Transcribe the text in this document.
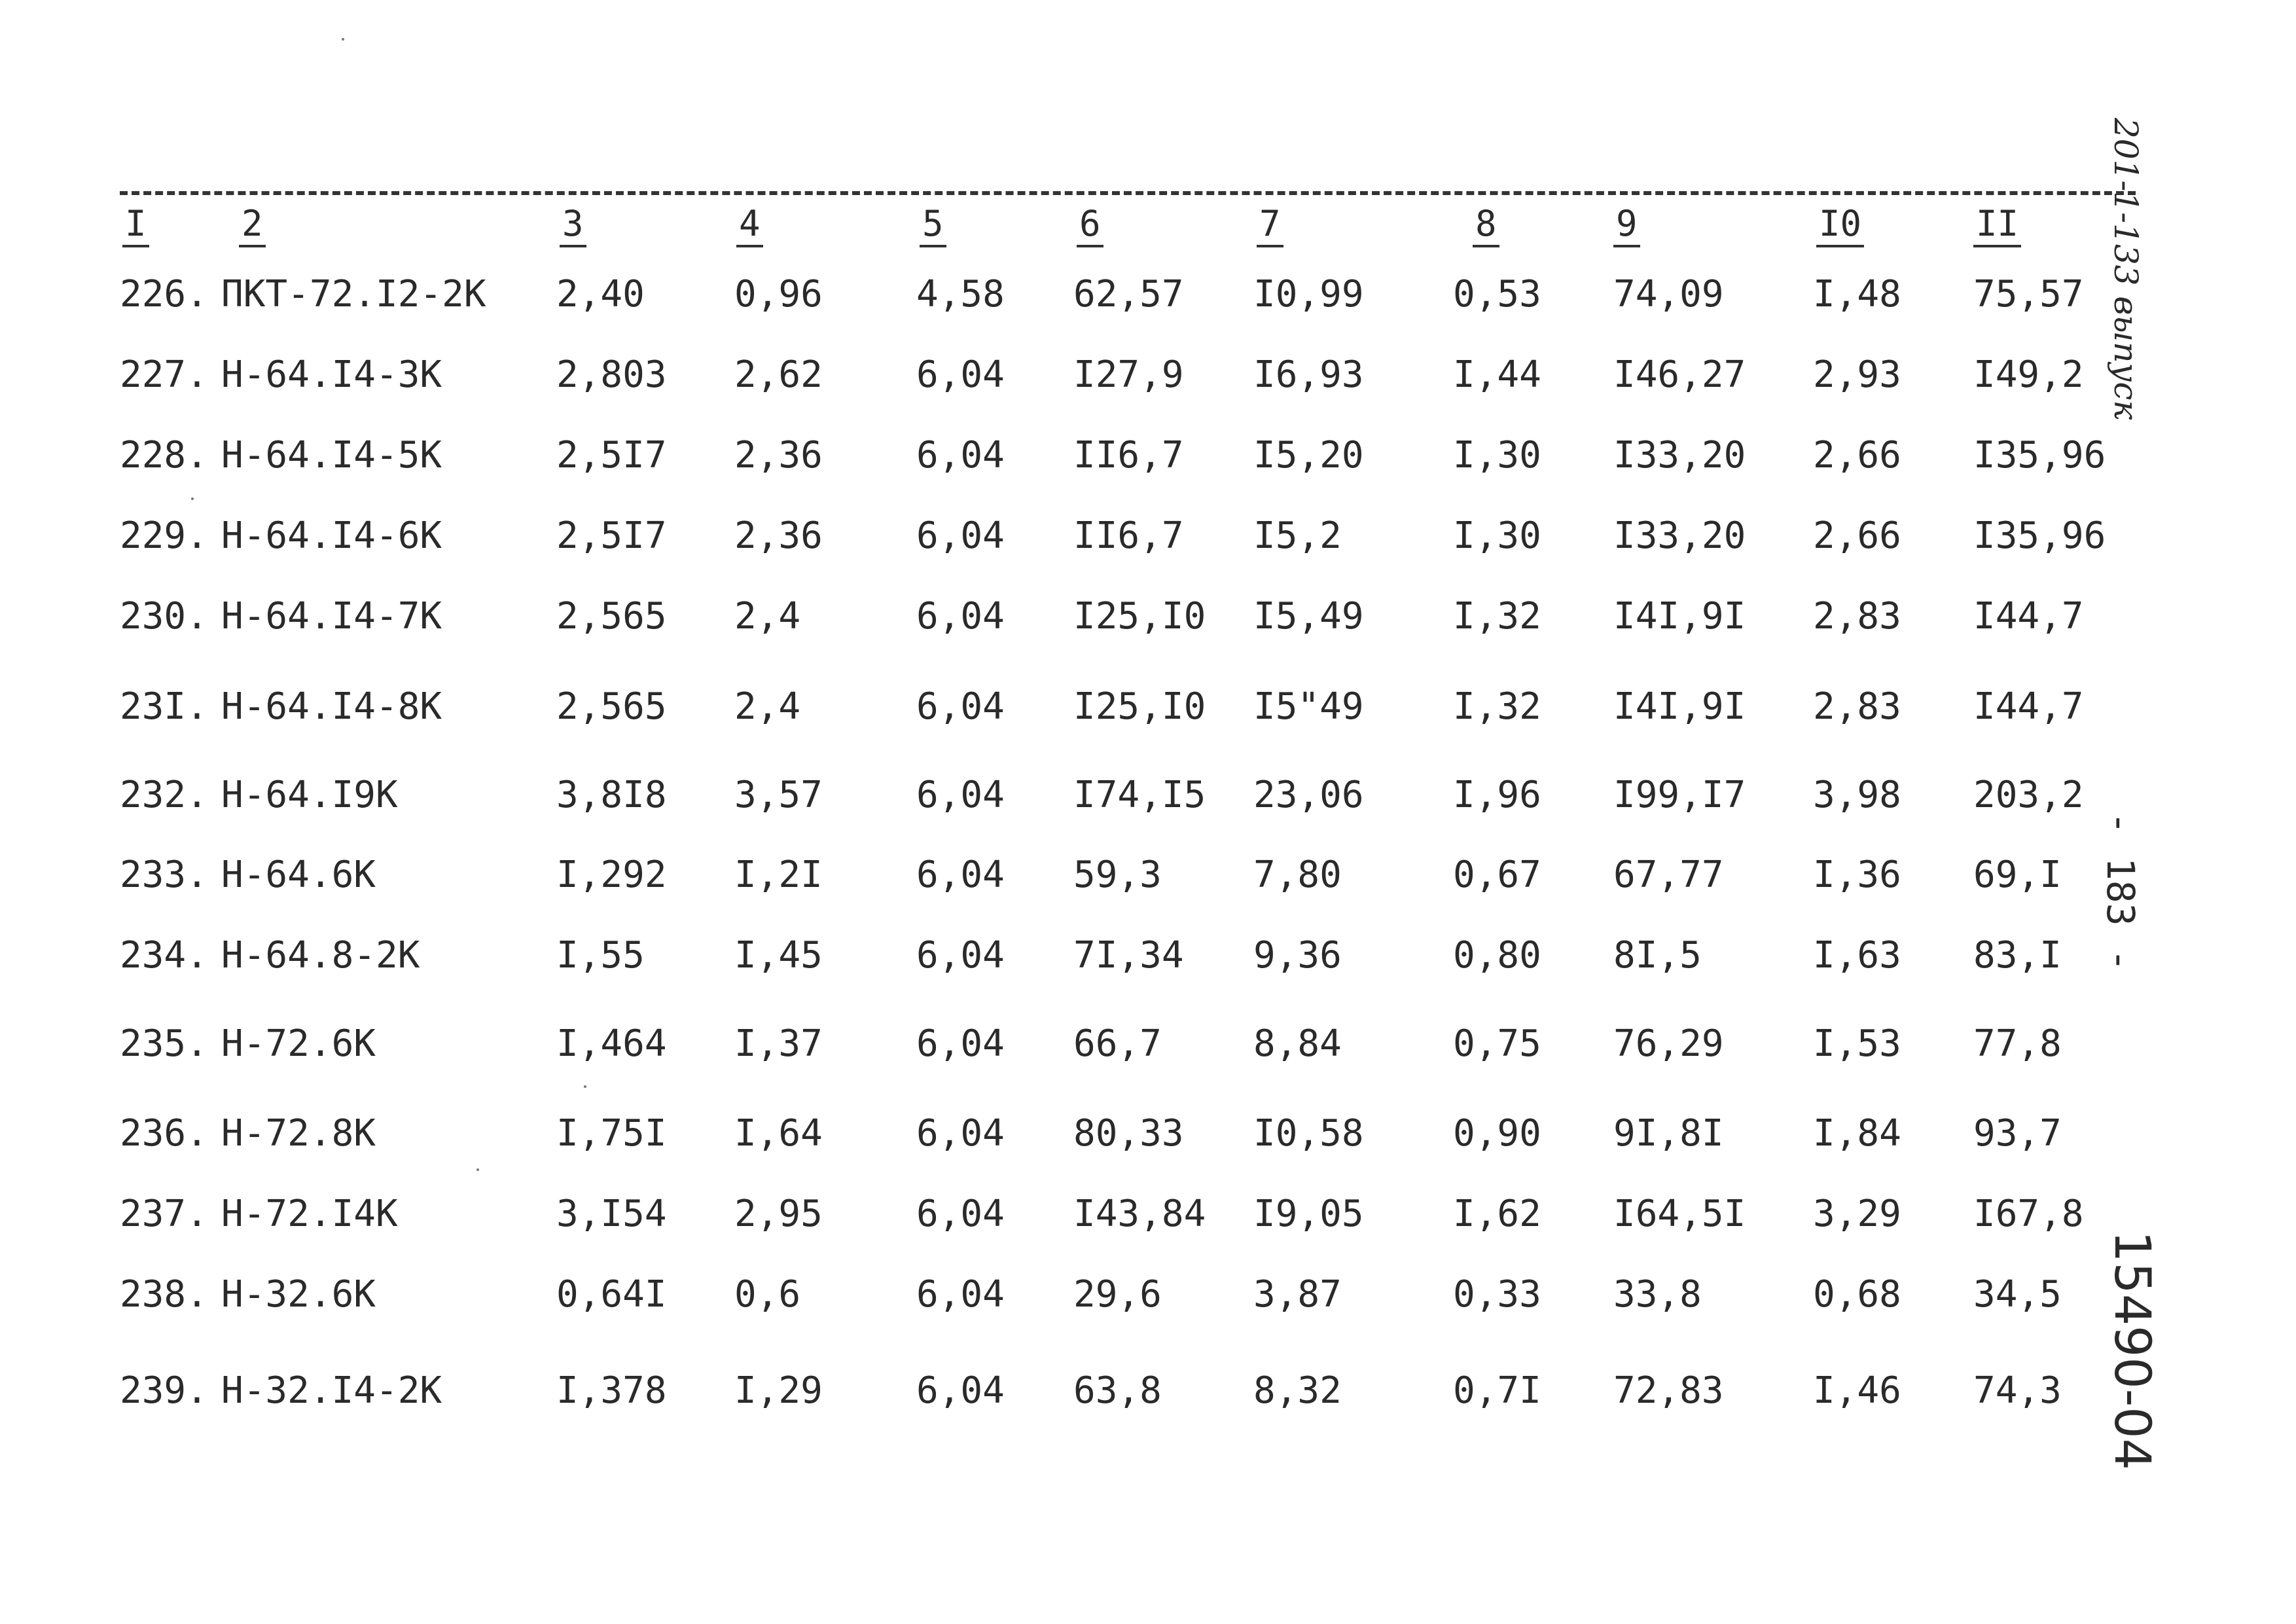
I	2	3	4	5	6	7	8	9	I0	II
226. ПКТ-72.I2-2К 2,40 0,96	4,58 62,57 I0,99 0,53 74,09 I,48 75,57
227. Н-64.I4-3К	2,803 2,62	6,04 I27,9 I6,93 I,44 I46,27 2,93 I49,2
228. Н-64.I4-5К	2,5I7 2,36	6,04 II6,7 I5,20 I,30 I33,20 2,66 I35,96
229. Н-64.I4-6К	2,5I7 2,36	6,04 II6,7 I5,2	I,30 I33,20 2,66 I35,96
230. Н-64.I4-7К	2,565 2,4	6,04 I25,I0 I5,49 I,32 I4I,9I 2,83 I44,7
23I. Н-64.I4-8К	2,565 2,4	6,04 I25,I0 I5"49 I,32 I4I,9I 2,83 I44,7
232. Н-64.I9К	3,8I8 3,57	6,04 I74,I5 23,06 I,96 I99,I7 3,98 203,2
233. Н-64.6К	I,292 I,2I	6,04 59,3	7,80	0,67 67,77 I,36 69,I
234. Н-64.8-2К	I,55 I,45	6,04 7I,34 9,36	0,80 8I,5	I,63 83,I
235. Н-72.6К	I,464 I,37	6,04 66,7	8,84	0,75 76,29 I,53 77,8
236. Н-72.8К	I,75I I,64	6,04 80,33 I0,58 0,90 9I,8I I,84 93,7
237. Н-72.I4К	3,I54 2,95	6,04 I43,84 I9,05 I,62 I64,5I 3,29 I67,8
238. Н-32.6К	0,64I 0,6	6,04 29,6	3,87	0,33 33,8	0,68 34,5
239. Н-32.I4-2К	I,378 I,29	6,04 63,8	8,32	0,7I 72,83 I,46 74,3
201-1-133 выпуск
- 183 -
15490-04
